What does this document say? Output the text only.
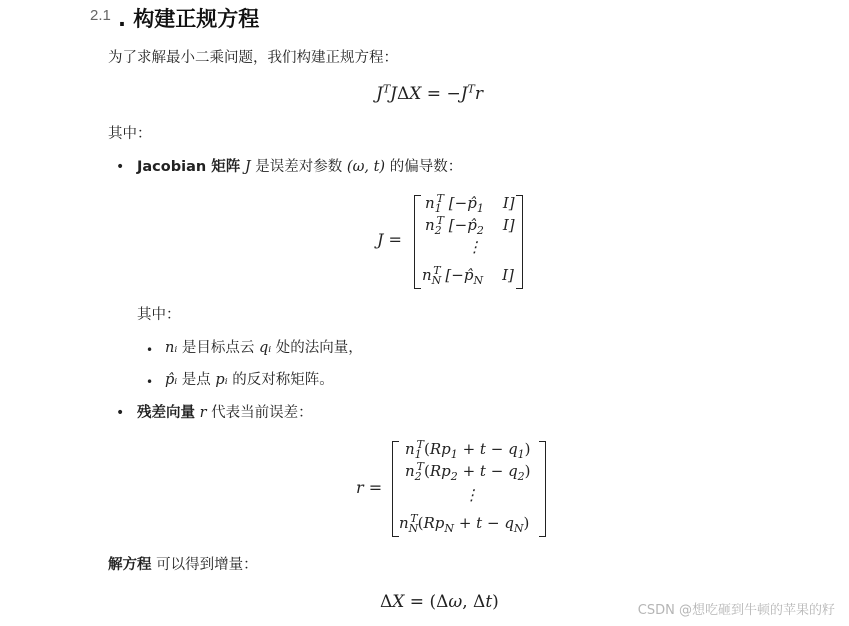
2.1 . 构建正规方程
为了求解最小二乘问题，我们构建正规方程：
$J^TJ\Delta X = -J^Tr$
其中：
• Jacobian 矩阵 J 是误差对参数 (ω, t) 的偏导数：
J =
$n_1^T$ [$-p̂_1$    I]
$n_2^T$ [$-p̂_2$    I]
⋮
$n_N^T$ [$-p̂_N$    I]
其中：
• nᵢ 是目标点云 qᵢ 处的法向量，
• p̂ᵢ 是点 pᵢ 的反对称矩阵。
• 残差向量 r 代表当前误差：
r =
$n_1^T(Rp_1 + t - q_1)$
$n_2^T(Rp_2 + t - q_2)$
⋮
$n_N^T(Rp_N + t - q_N)$
解方程 可以得到增量：
ΔX = (Δω, Δt)	CSDN @想吃砸到牛顿的苹果的籽
